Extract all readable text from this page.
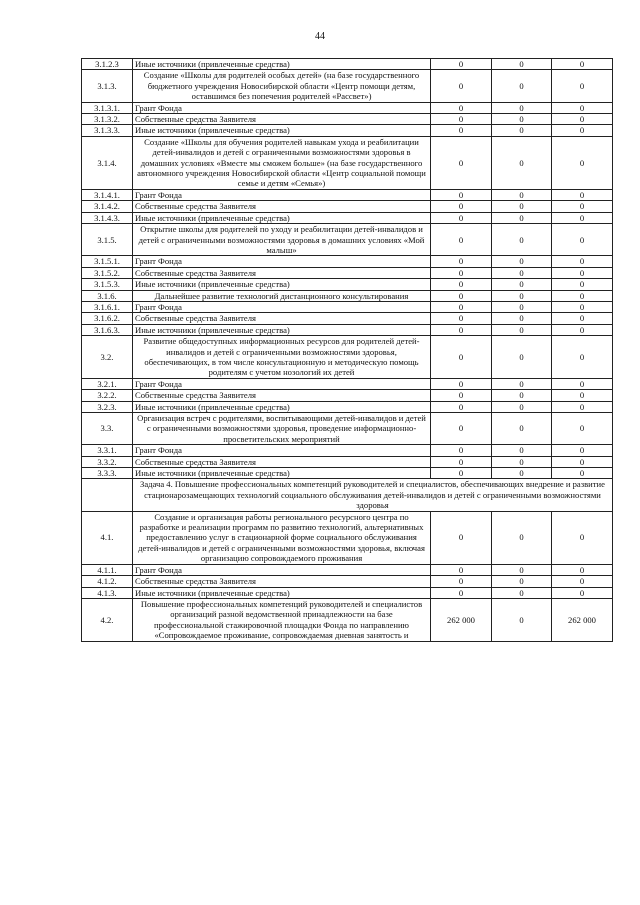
44
3.1.2.3	Иные источники (привлеченные средства)	0	0	0
3.1.3.	Создание «Школы для родителей особых детей» (на базе государственного бюджетного учреждения Новосибирской области «Центр помощи детям, оставшимся без попечения родителей «Рассвет»)	0	0	0
3.1.3.1.	Грант Фонда	0	0	0
3.1.3.2.	Собственные средства Заявителя	0	0	0
3.1.3.3.	Иные источники (привлеченные средства)	0	0	0
3.1.4.	Создание «Школы для обучения родителей навыкам ухода и реабилитации детей-инвалидов и детей с ограниченными возможностями здоровья в домашних условиях «Вместе мы сможем больше» (на базе государственного автономного учреждения Новосибирской области «Центр социальной помощи семье и детям «Семья»)	0	0	0
3.1.4.1.	Грант Фонда	0	0	0
3.1.4.2.	Собственные средства Заявителя	0	0	0
3.1.4.3.	Иные источники (привлеченные средства)	0	0	0
3.1.5.	Открытие школы для родителей по уходу и реабилитации детей-инвалидов и детей с ограниченными возможностями здоровья в домашних условиях «Мой малыш»	0	0	0
3.1.5.1.	Грант Фонда	0	0	0
3.1.5.2.	Собственные средства Заявителя	0	0	0
3.1.5.3.	Иные источники (привлеченные средства)	0	0	0
3.1.6.	Дальнейшее развитие технологий дистанционного консультирования	0	0	0
3.1.6.1.	Грант Фонда	0	0	0
3.1.6.2.	Собственные средства Заявителя	0	0	0
3.1.6.3.	Иные источники (привлеченные средства)	0	0	0
3.2.	Развитие общедоступных информационных ресурсов для родителей детей-инвалидов и детей с ограниченными возможностями здоровья, обеспечивающих, в том числе консультационную и методическую помощь родителям с учетом нозологий их детей	0	0	0
3.2.1.	Грант Фонда	0	0	0
3.2.2.	Собственные средства Заявителя	0	0	0
3.2.3.	Иные источники (привлеченные средства)	0	0	0
3.3.	Организация встреч с родителями, воспитывающими детей-инвалидов и детей с ограниченными возможностями здоровья, проведение информационно-просветительских мероприятий	0	0	0
3.3.1.	Грант Фонда	0	0	0
3.3.2.	Собственные средства Заявителя	0	0	0
3.3.3.	Иные источники (привлеченные средства)	0	0	0
	Задача 4. Повышение профессиональных компетенций руководителей и специалистов, обеспечивающих внедрение и развитие стационарозамещающих технологий социального обслуживания детей-инвалидов и детей с ограниченными возможностями здоровья			
4.1.	Создание и организация работы регионального ресурсного центра по разработке и реализации программ по развитию технологий, альтернативных предоставлению услуг в стационарной форме социального обслуживания детей-инвалидов и детей с ограниченными возможностями здоровья, включая организацию сопровождаемого проживания	0	0	0
4.1.1.	Грант Фонда	0	0	0
4.1.2.	Собственные средства Заявителя	0	0	0
4.1.3.	Иные источники (привлеченные средства)	0	0	0
4.2.	Повышение профессиональных компетенций руководителей и специалистов организаций разной ведомственной принадлежности на базе профессиональной стажировочной площадки Фонда по направлению «Сопровождаемое проживание, сопровождаемая дневная занятость и	262 000	0	262 000
